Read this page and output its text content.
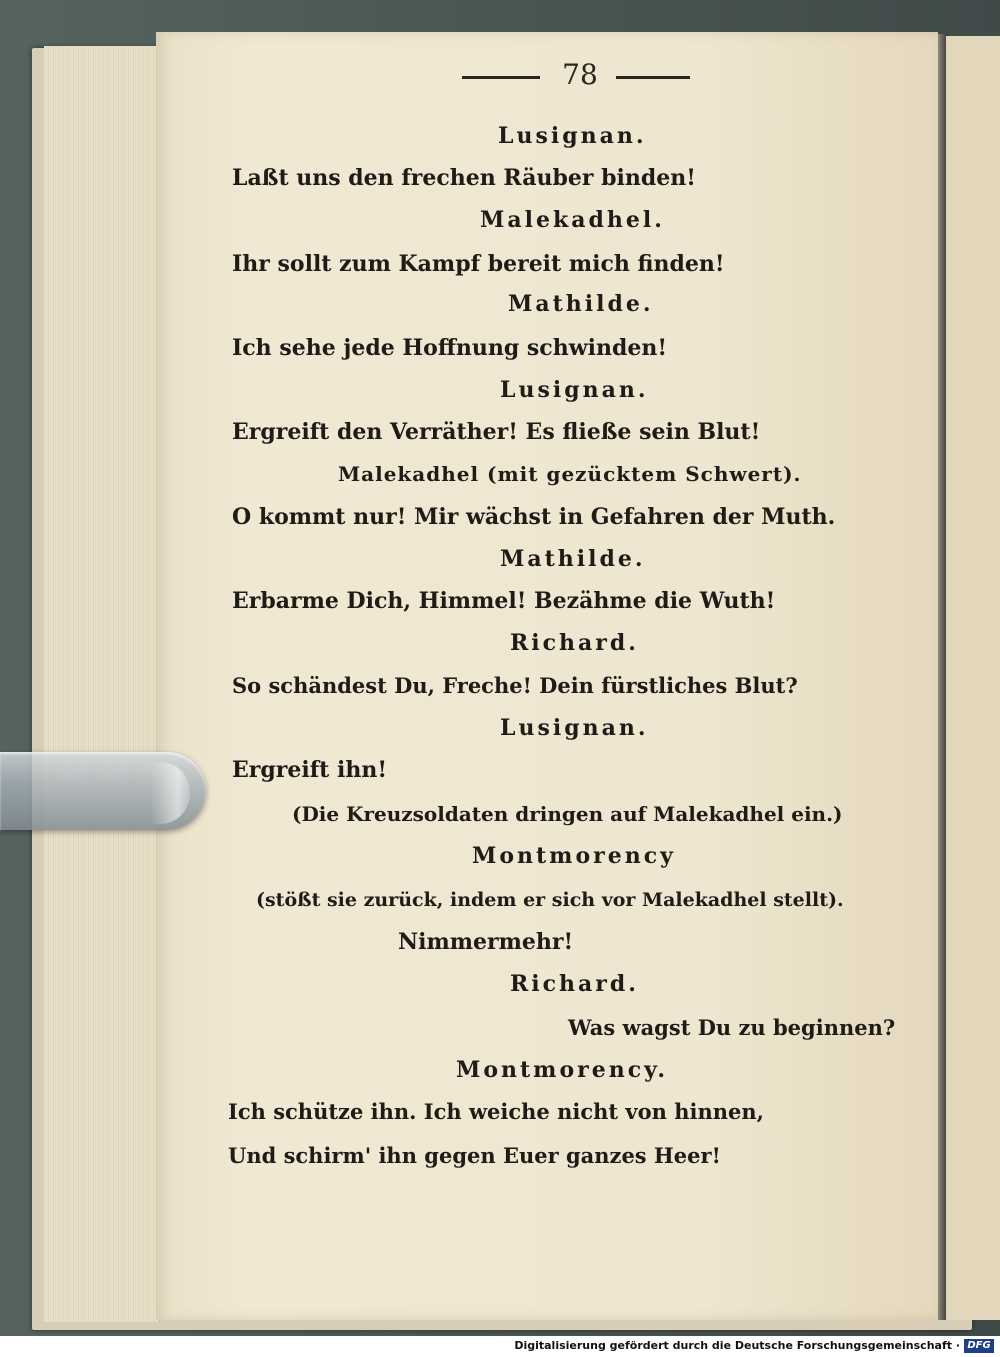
78
Lusignan.
Laßt uns den frechen Räuber binden!
Malekadhel.
Ihr sollt zum Kampf bereit mich finden!
Mathilde.
Ich sehe jede Hoffnung schwinden!
Lusignan.
Ergreift den Verräther! Es fließe sein Blut!
Malekadhel (mit gezücktem Schwert).
O kommt nur! Mir wächst in Gefahren der Muth.
Mathilde.
Erbarme Dich, Himmel! Bezähme die Wuth!
Richard.
So schändest Du, Freche! Dein fürstliches Blut?
Lusignan.
Ergreift ihn!
(Die Kreuzsoldaten dringen auf Malekadhel ein.)
Montmorency
(stößt sie zurück, indem er sich vor Malekadhel stellt).
Nimmermehr!
Richard.
Was wagst Du zu beginnen?
Montmorency.
Ich schütze ihn. Ich weiche nicht von hinnen,
Und schirm' ihn gegen Euer ganzes Heer!
Digitalisierung gefördert durch die Deutsche Forschungsgemeinschaft · DFG
